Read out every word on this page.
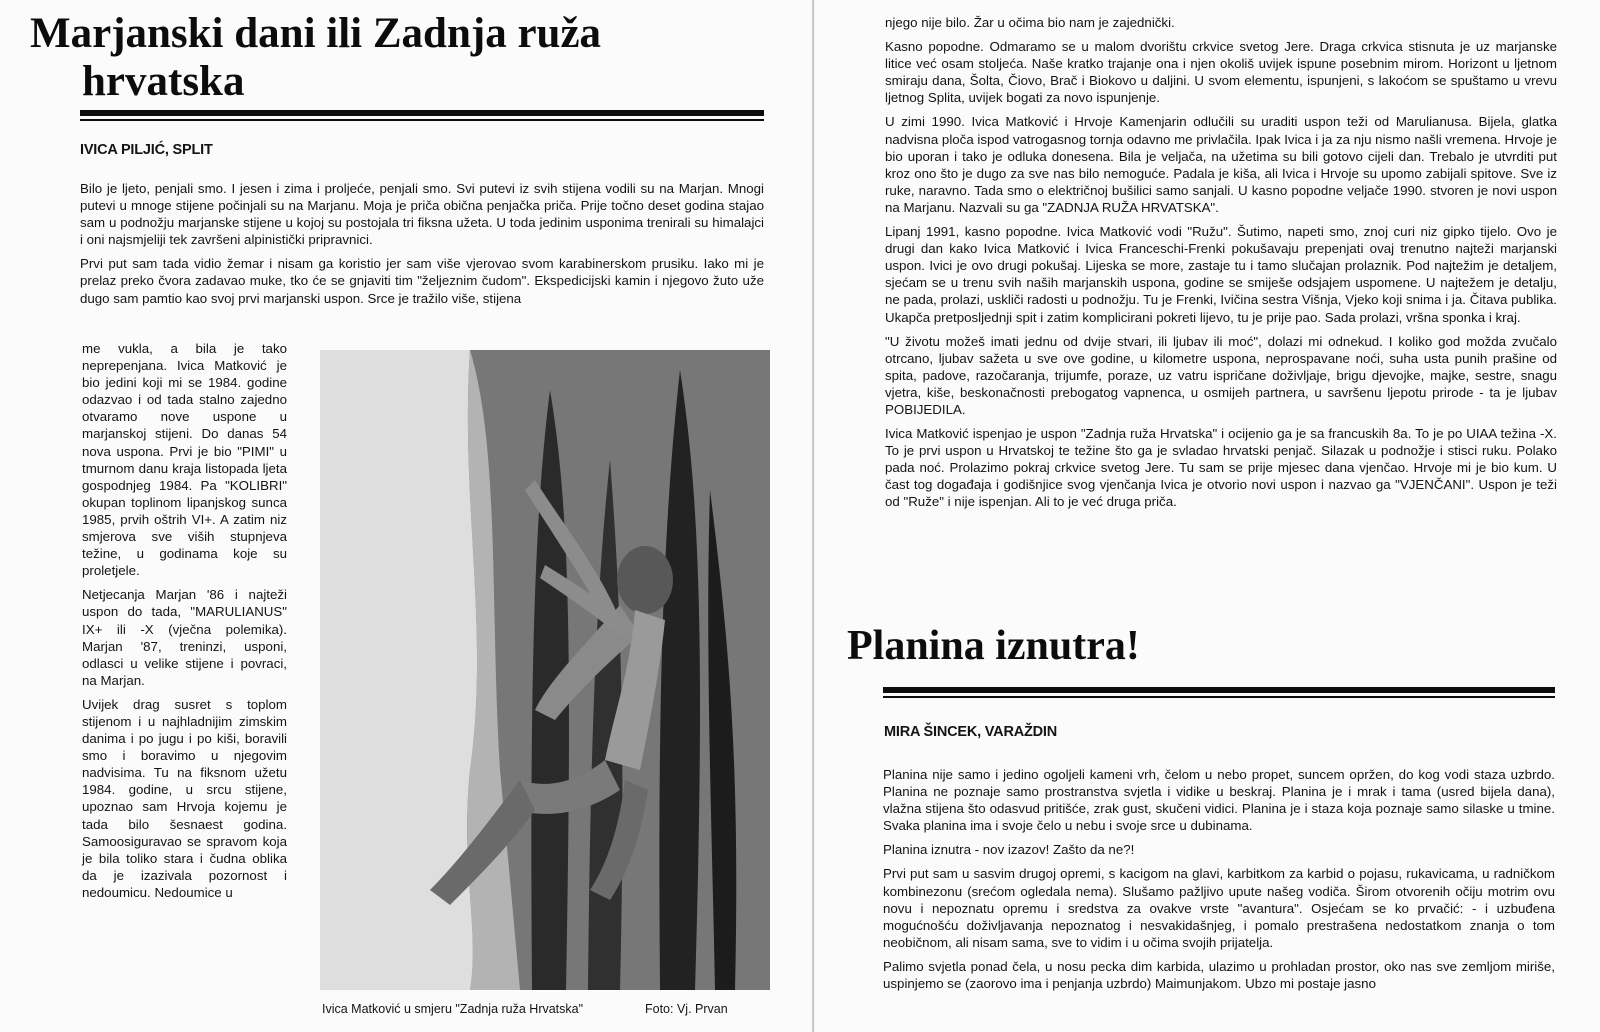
Marjanski dani ili Zadnja ruža
hrvatska

IVICA PILJIĆ, SPLIT

Bilo je ljeto, penjali smo. I jesen i zima i proljeće, penjali smo. Svi putevi iz svih stijena vodili su na Marjan. Mnogi putevi u mnoge stijene počinjali su na Marjanu. Moja je priča obična penjačka priča. Prije točno deset godina stajao sam u podnožju marjanske stijene u kojoj su postojala tri fiksna užeta. U toda jedinim usponima trenirali su himalajci i oni najsmjeliji tek završeni alpinistički pripravnici.

Prvi put sam tada vidio žemar i nisam ga koristio jer sam više vjerovao svom karabinerskom prusiku. Iako mi je prelaz preko čvora zadavao muke, tko će se gnjaviti tim "željeznim čudom". Ekspedicijski kamin i njegovo žuto uže dugo sam pamtio kao svoj prvi marjanski uspon. Srce je tražilo više, stijena

me vukla, a bila je tako neprepenjana. Ivica Matković je bio jedini koji mi se 1984. godine odazvao i od tada stalno zajedno otvaramo nove uspone u marjanskoj stijeni. Do danas 54 nova uspona. Prvi je bio "PIMI" u tmurnom danu kraja listopada ljeta gospodnjeg 1984. Pa "KOLIBRI" okupan toplinom lipanjskog sunca 1985, prvih oštrih VI+. A zatim niz smjerova sve viših stupnjeva težine, u godinama koje su proletjele.

Netjecanja Marjan '86 i najteži uspon do tada, "MARULIANUS" IX+ ili -X (vječna polemika). Marjan '87, treninzi, usponi, odlasci u velike stijene i povraci, na Marjan.

Uvijek drag susret s toplom stijenom i u najhladnijim zimskim danima i po jugu i po kiši, boravili smo i boravimo u njegovim nadvisima. Tu na fiksnom užetu 1984. godine, u srcu stijene, upoznao sam Hrvoja kojemu je tada bilo šesnaest godina. Samoosiguravao se spravom koja je bila toliko stara i čudna oblika da je izazivala pozornost i nedoumicu. Nedoumice u

Ivica Matković u smjeru "Zadnja ruža Hrvatska"	Foto: Vj. Prvan

njego nije bilo. Žar u očima bio nam je zajednički.

Kasno popodne. Odmaramo se u malom dvorištu crkvice svetog Jere. Draga crkvica stisnuta je uz marjanske litice već osam stoljeća. Naše kratko trajanje ona i njen okoliš uvijek ispune posebnim mirom. Horizont u ljetnom smiraju dana, Šolta, Čiovo, Brač i Biokovo u daljini. U svom elementu, ispunjeni, s lakoćom se spuštamo u vrevu ljetnog Splita, uvijek bogati za novo ispunjenje.

U zimi 1990. Ivica Matković i Hrvoje Kamenjarin odlučili su uraditi uspon teži od Marulianusa. Bijela, glatka nadvisna ploča ispod vatrogasnog tornja odavno me privlačila. Ipak Ivica i ja za nju nismo našli vremena. Hrvoje je bio uporan i tako je odluka donesena. Bila je veljača, na užetima su bili gotovo cijeli dan. Trebalo je utvrditi put kroz ono što je dugo za sve nas bilo nemoguće. Padala je kiša, ali Ivica i Hrvoje su upomo zabijali spitove. Sve iz ruke, naravno. Tada smo o električnoj bušilici samo sanjali. U kasno popodne veljače 1990. stvoren je novi uspon na Marjanu. Nazvali su ga "ZADNJA RUŽA HRVATSKA".

Lipanj 1991, kasno popodne. Ivica Matković vodi "Ružu". Šutimo, napeti smo, znoj curi niz gipko tijelo. Ovo je drugi dan kako Ivica Matković i Ivica Franceschi-Frenki pokušavaju prepenjati ovaj trenutno najteži marjanski uspon. Ivici je ovo drugi pokušaj. Lijeska se more, zastaje tu i tamo slučajan prolaznik. Pod najtežim je detaljem, sjećam se u trenu svih naših marjanskih uspona, godine se smiješe odsjajem uspomene. U najtežem je detalju, ne pada, prolazi, uskliči radosti u podnožju. Tu je Frenki, Ivičina sestra Višnja, Vjeko koji snima i ja. Čitava publika. Ukapča pretposljednji spit i zatim komplicirani pokreti lijevo, tu je prije pao. Sada prolazi, vršna sponka i kraj.

"U životu možeš imati jednu od dvije stvari, ili ljubav ili moć", dolazi mi odnekud. I koliko god možda zvučalo otrcano, ljubav sažeta u sve ove godine, u kilometre uspona, neprospavane noći, suha usta punih prašine od spita, padove, razočaranja, trijumfe, poraze, uz vatru ispričane doživljaje, brigu djevojke, majke, sestre, snagu vjetra, kiše, beskonačnosti prebogatog vapnenca, u osmijeh partnera, u savršenu ljepotu prirode - ta je ljubav POBIJEDILA.

Ivica Matković ispenjao je uspon "Zadnja ruža Hrvatska" i ocijenio ga je sa francuskih 8a. To je po UIAA težina -X. To je prvi uspon u Hrvatskoj te težine što ga je svladao hrvatski penjač. Silazak u podnožje i stisci ruku. Polako pada noć. Prolazimo pokraj crkvice svetog Jere. Tu sam se prije mjesec dana vjenčao. Hrvoje mi je bio kum. U čast tog događaja i godišnjice svog vjenčanja Ivica je otvorio novi uspon i nazvao ga "VJENČANI". Uspon je teži od "Ruže" i nije ispenjan. Ali to je već druga priča.

Planina iznutra!

MIRA ŠINCEK, VARAŽDIN

Planina nije samo i jedino ogoljeli kameni vrh, čelom u nebo propet, suncem opržen, do kog vodi staza uzbrdo. Planina ne poznaje samo prostranstva svjetla i vidike u beskraj. Planina je i mrak i tama (usred bijela dana), vlažna stijena što odasvud pritišće, zrak gust, skučeni vidici. Planina je i staza koja poznaje samo silaske u tmine. Svaka planina ima i svoje čelo u nebu i svoje srce u dubinama.

Planina iznutra - nov izazov! Zašto da ne?!

Prvi put sam u sasvim drugoj opremi, s kacigom na glavi, karbitkom za karbid o pojasu, rukavicama, u radničkom kombinezonu (srećom ogledala nema). Slušamo pažljivo upute našeg vodiča. Širom otvorenih očiju motrim ovu novu i nepoznatu opremu i sredstva za ovakve vrste "avantura". Osjećam se ko prvačić: - i uzbuđena mogućnošću doživljavanja nepoznatog i nesvakidašnjeg, i pomalo prestrašena nedostatkom znanja o tom neobičnom, ali nisam sama, sve to vidim i u očima svojih prijatelja.

Palimo svjetla ponad čela, u nosu pecka dim karbida, ulazimo u prohladan prostor, oko nas sve zemljom miriše, uspinjemo se (zaorovo ima i penjanja uzbrdo) Maimunjakom. Ubzo mi postaje jasno
